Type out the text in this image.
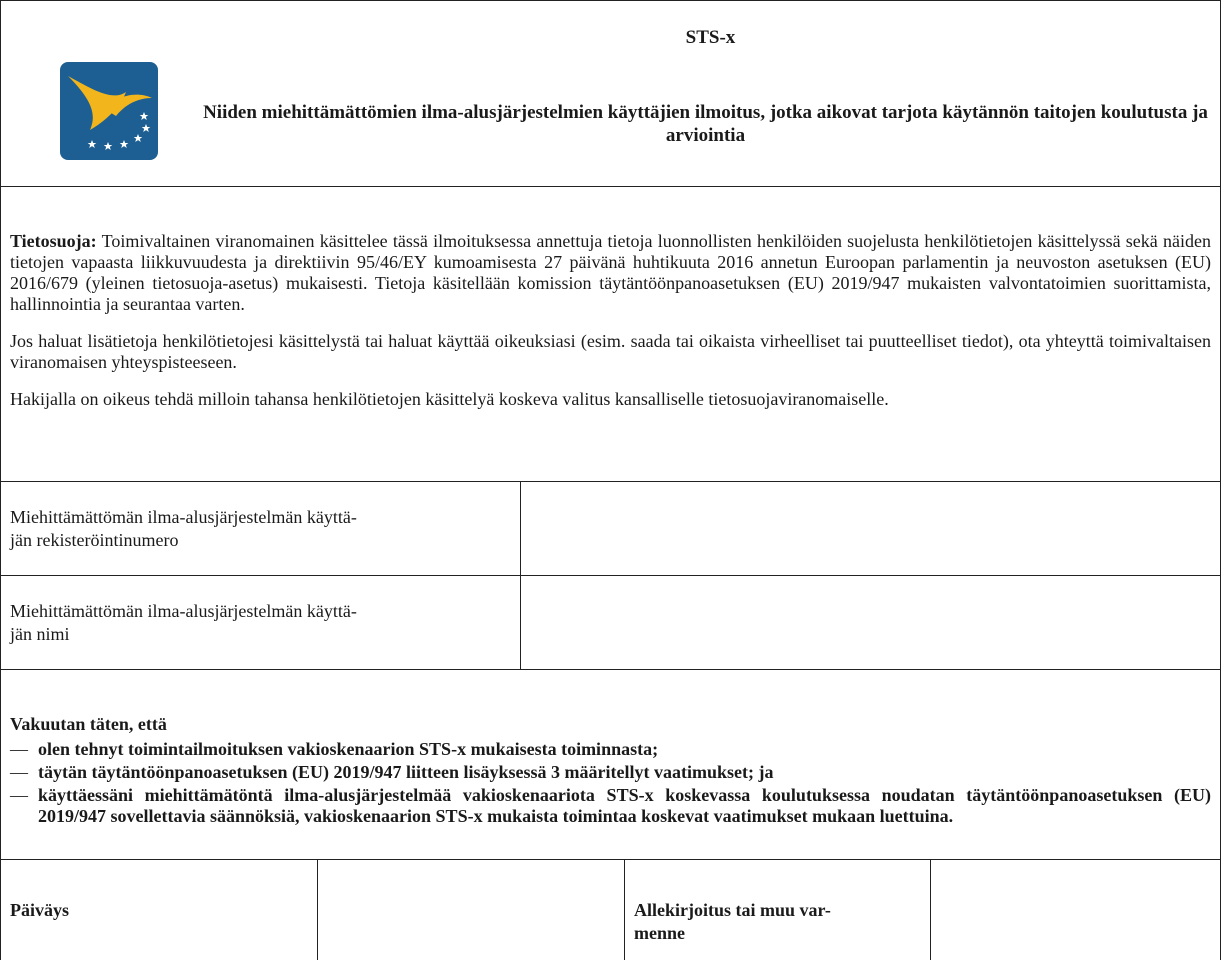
STS-x
Niiden miehittämättömien ilma-alusjärjestelmien käyttäjien ilmoitus, jotka aikovat tarjota käytännön taitojen koulutusta ja arviointia

Tietosuoja: Toimivaltainen viranomainen käsittelee tässä ilmoituksessa annettuja tietoja luonnollisten henkilöiden suojelusta henkilötietojen käsittelyssä sekä näiden tietojen vapaasta liikkuvuudesta ja direktiivin 95/46/EY kumoamisesta 27 päivänä huhtikuuta 2016 annetun Euroopan parlamentin ja neuvoston asetuksen (EU) 2016/679 (yleinen tietosuoja-asetus) mukaisesti. Tietoja käsitellään komission täytäntöönpanoasetuksen (EU) 2019/947 mukaisten valvontatoimien suorittamista, hallinnointia ja seurantaa varten.

Jos haluat lisätietoja henkilötietojesi käsittelystä tai haluat käyttää oikeuksiasi (esim. saada tai oikaista virheelliset tai puutteelliset tiedot), ota yhteyttä toimivaltaisen viranomaisen yhteyspisteeseen.

Hakijalla on oikeus tehdä milloin tahansa henkilötietojen käsittelyä koskeva valitus kansalliselle tietosuojaviranomaiselle.

Miehittämättömän ilma-alusjärjestelmän käyttä-
jän rekisteröintinumero
Miehittämättömän ilma-alusjärjestelmän käyttä-
jän nimi

Vakuutan täten, että

— olen tehnyt toimintailmoituksen vakioskenaarion STS-x mukaisesta toiminnasta;
— täytän täytäntöönpanoasetuksen (EU) 2019/947 liitteen lisäyksessä 3 määritellyt vaatimukset; ja
— käyttäessäni miehittämätöntä ilma-alusjärjestelmää vakioskenaariota STS-x koskevassa koulutuksessa noudatan täytäntöönpanoasetuksen (EU) 2019/947 sovellettavia säännöksiä, vakioskenaarion STS-x mukaista toimintaa koskevat vaatimukset mukaan luettuina.
Päiväys	Allekirjoitus tai muu var-
menne
